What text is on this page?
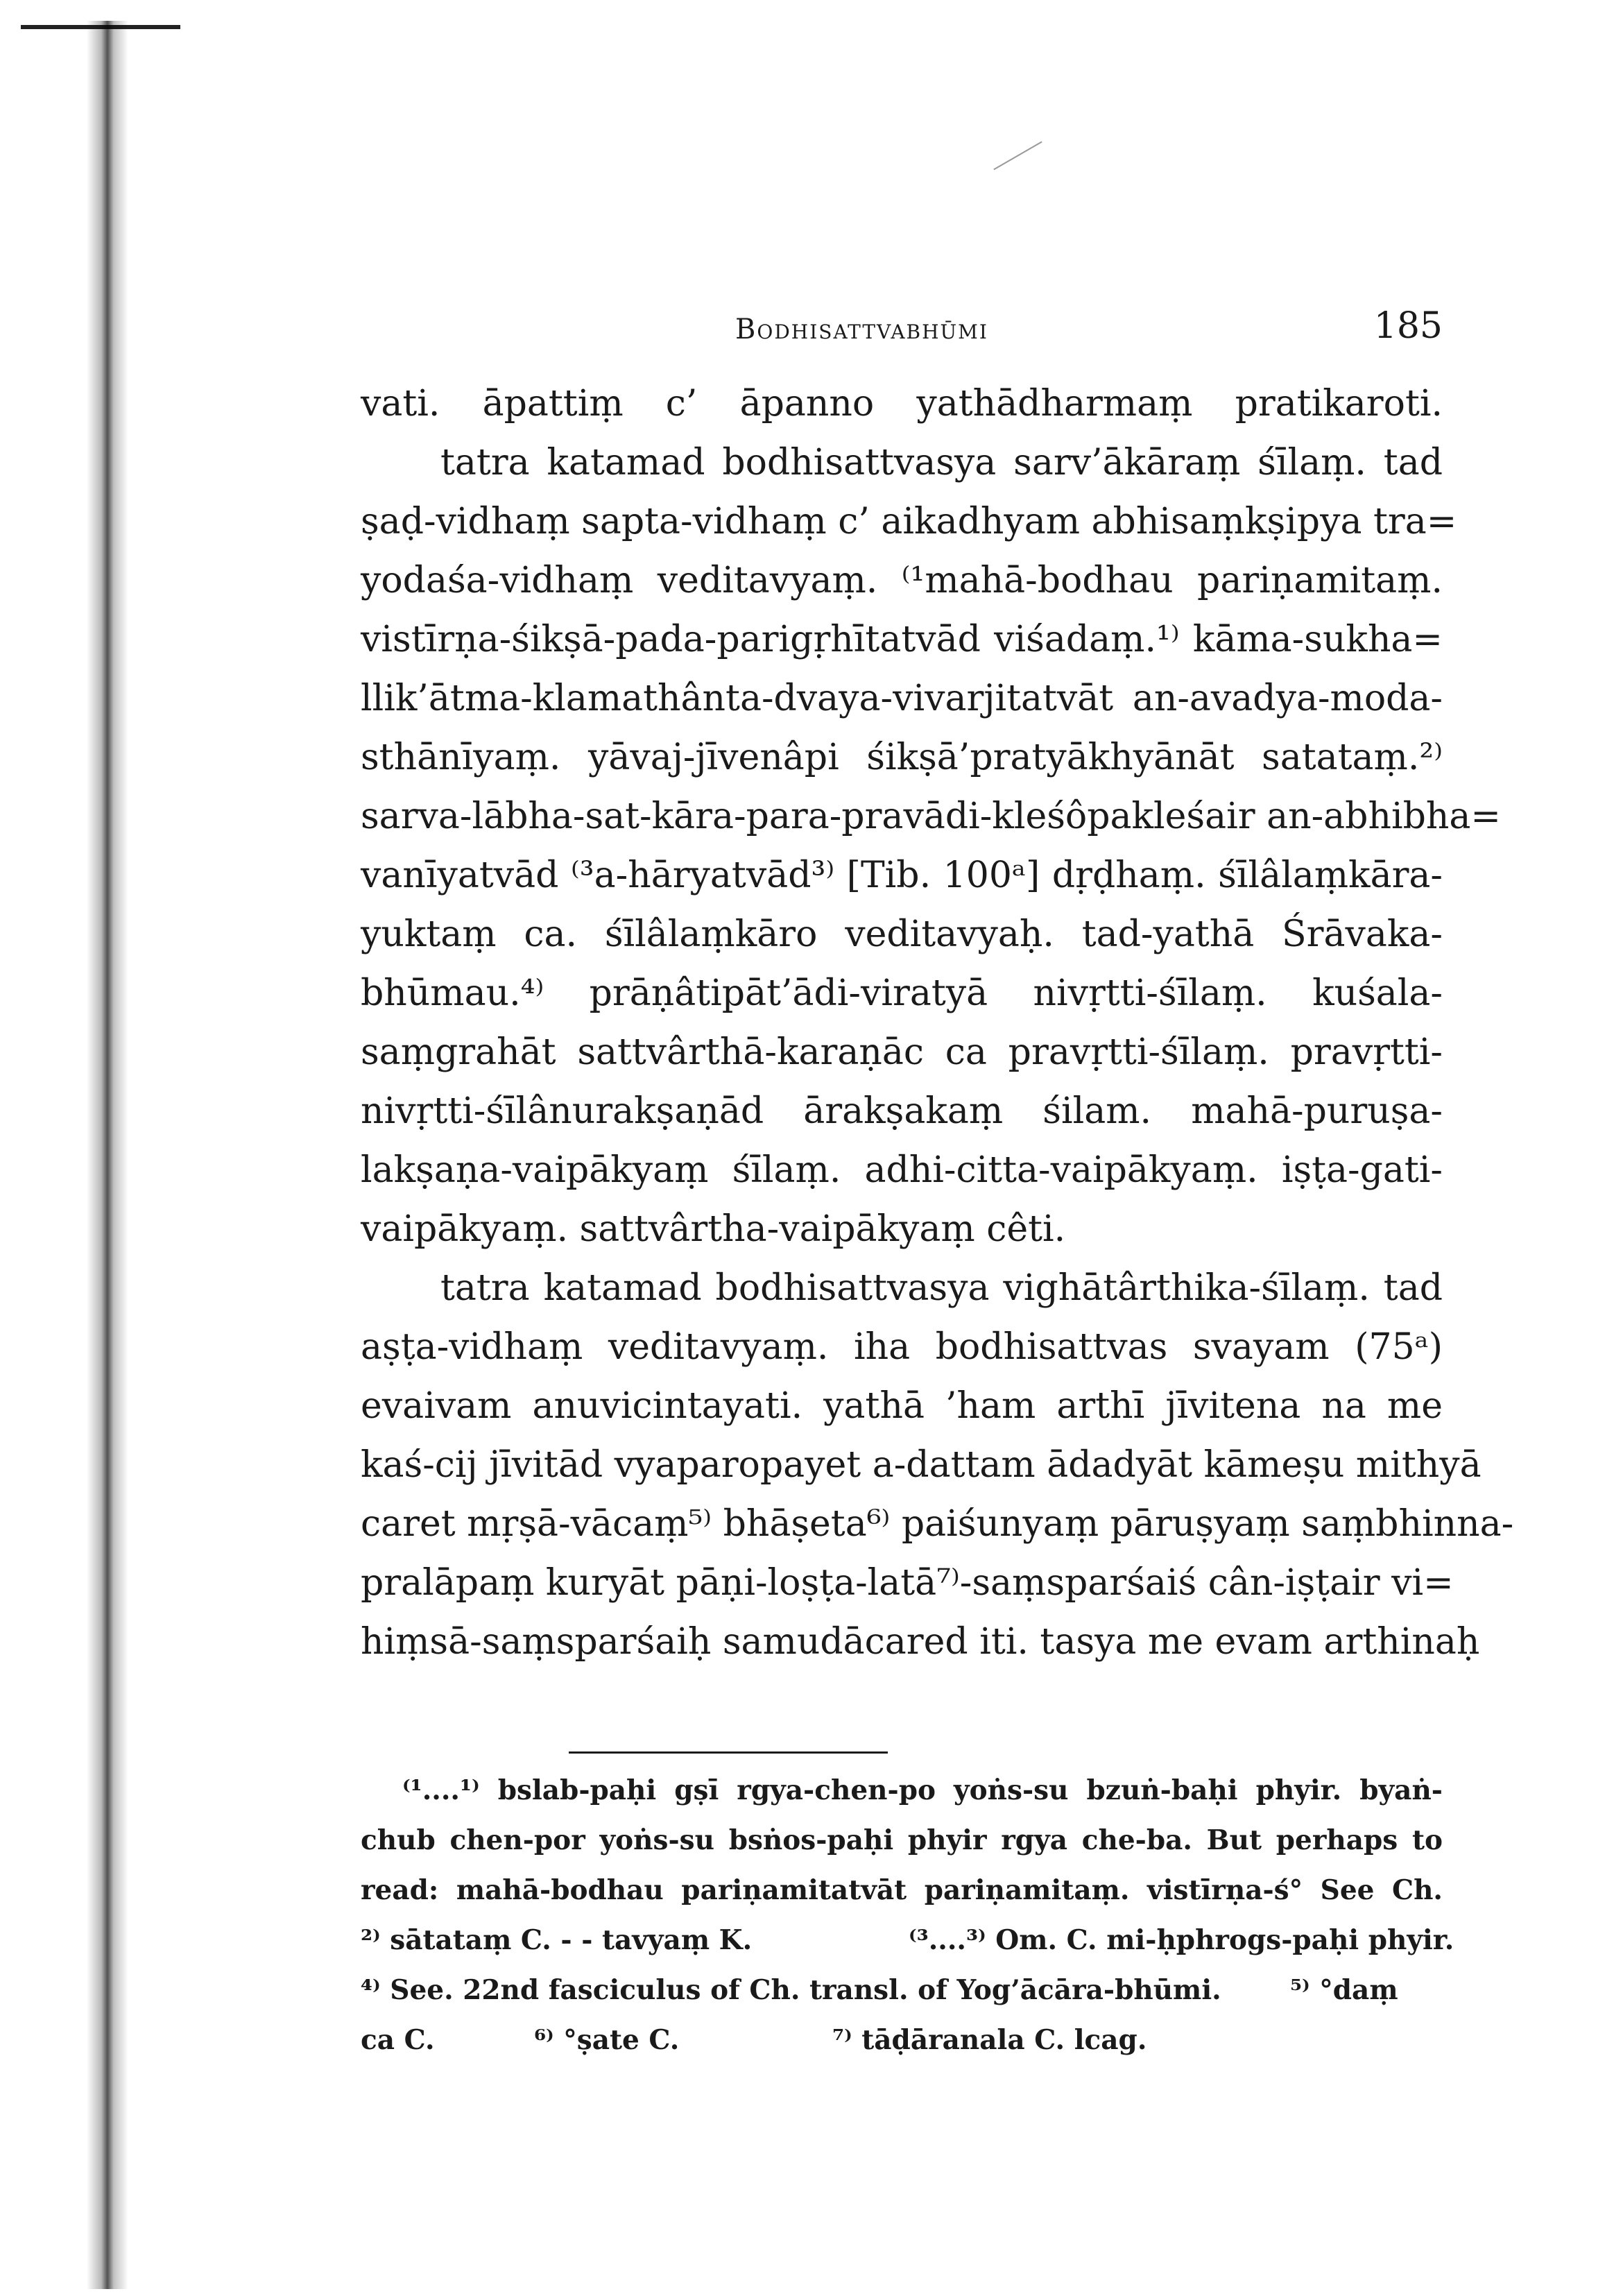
Bodhisattvabhūmi	185
vati. āpattiṃ c’ āpanno yathādharmaṃ pratikaroti.
tatra katamad bodhisattvasya sarv’ākāraṃ śīlaṃ. tad
ṣaḍ-vidhaṃ sapta-vidhaṃ c’ aikadhyam abhisaṃkṣipya tra=
yodaśa-vidhaṃ veditavyaṃ. ⁽¹mahā-bodhau pariṇamitaṃ.
vistīrṇa-śikṣā-pada-parigṛhītatvād viśadaṃ.¹⁾ kāma-sukha=
llik’ātma-klamathânta-dvaya-vivarjitatvāt an-avadya-moda-
sthānīyaṃ. yāvaj-jīvenâpi śikṣā’pratyākhyānāt satataṃ.²⁾
sarva-lābha-sat-kāra-para-pravādi-kleśôpakleśair an-abhibha=
vanīyatvād ⁽³a-hāryatvād³⁾ [Tib. 100ᵃ] dṛḍhaṃ. śīlâlaṃkāra-
yuktaṃ ca. śīlâlaṃkāro veditavyaḥ. tad-yathā Śrāvaka-
bhūmau.⁴⁾ prāṇâtipāt’ādi-viratyā nivṛtti-śīlaṃ. kuśala-
saṃgrahāt sattvârthā-karaṇāc ca pravṛtti-śīlaṃ. pravṛtti-
nivṛtti-śīlânurakṣaṇād ārakṣakaṃ śilam. mahā-puruṣa-
lakṣaṇa-vaipākyaṃ śīlaṃ. adhi-citta-vaipākyaṃ. iṣṭa-gati-
vaipākyaṃ. sattvârtha-vaipākyaṃ cêti.
tatra katamad bodhisattvasya vighātârthika-śīlaṃ. tad
aṣṭa-vidhaṃ veditavyaṃ. iha bodhisattvas svayam (75ᵃ)
evaivam anuvicintayati. yathā ’ham arthī jīvitena na me
kaś-cij jīvitād vyaparopayet a-dattam ādadyāt kāmeṣu mithyā
caret mṛṣā-vācaṃ⁵⁾ bhāṣeta⁶⁾ paiśunyaṃ pāruṣyaṃ saṃbhinna-
pralāpaṃ kuryāt pāṇi-loṣṭa-latā⁷⁾-saṃsparśaiś cân-iṣṭair vi=
hiṃsā-saṃsparśaiḥ samudācared iti. tasya me evam arthinaḥ
⁽¹....¹⁾ bslab-paḥi gṣī rgya-chen-po yoṅs-su bzuṅ-baḥi phyir. byaṅ-
chub chen-por yoṅs-su bsṅos-paḥi phyir rgya che-ba. But perhaps to
read: mahā-bodhau pariṇamitatvāt pariṇamitaṃ. vistīrṇa-ś° See Ch.
²⁾ sātataṃ C. - - tavyaṃ K.	⁽³....³⁾ Om. C. mi-ḥphrogs-paḥi phyir.
⁴⁾ See. 22nd fasciculus of Ch. transl. of Yog’ācāra-bhūmi.	⁵⁾ °daṃ
ca C.	⁶⁾ °ṣate C.	⁷⁾ tāḍāranala C. lcag.
